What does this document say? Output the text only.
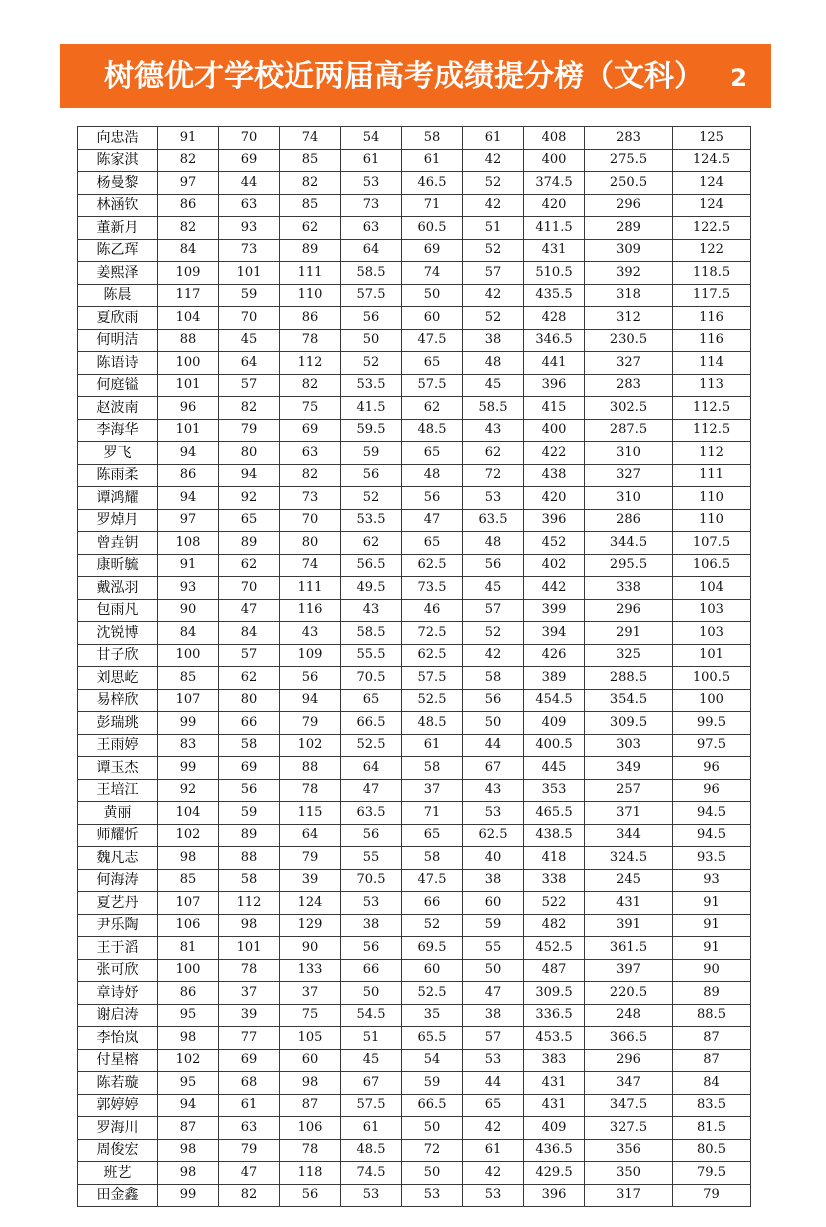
树德优才学校近两届高考成绩提分榜（文科） 2
向忠浩	91	70	74	54	58	61	408	283	125
陈家淇	82	69	85	61	61	42	400	275.5	124.5
杨曼黎	97	44	82	53	46.5	52	374.5	250.5	124
林涵钦	86	63	85	73	71	42	420	296	124
董新月	82	93	62	63	60.5	51	411.5	289	122.5
陈乙珲	84	73	89	64	69	52	431	309	122
姜熙泽	109	101	111	58.5	74	57	510.5	392	118.5
陈晨	117	59	110	57.5	50	42	435.5	318	117.5
夏欣雨	104	70	86	56	60	52	428	312	116
何明洁	88	45	78	50	47.5	38	346.5	230.5	116
陈语诗	100	64	112	52	65	48	441	327	114
何庭镒	101	57	82	53.5	57.5	45	396	283	113
赵波南	96	82	75	41.5	62	58.5	415	302.5	112.5
李海华	101	79	69	59.5	48.5	43	400	287.5	112.5
罗飞	94	80	63	59	65	62	422	310	112
陈雨柔	86	94	82	56	48	72	438	327	111
谭鸿耀	94	92	73	52	56	53	420	310	110
罗焯月	97	65	70	53.5	47	63.5	396	286	110
曾垚钥	108	89	80	62	65	48	452	344.5	107.5
康昕毓	91	62	74	56.5	62.5	56	402	295.5	106.5
戴泓羽	93	70	111	49.5	73.5	45	442	338	104
包雨凡	90	47	116	43	46	57	399	296	103
沈锐博	84	84	43	58.5	72.5	52	394	291	103
甘子欣	100	57	109	55.5	62.5	42	426	325	101
刘思屹	85	62	56	70.5	57.5	58	389	288.5	100.5
易梓欣	107	80	94	65	52.5	56	454.5	354.5	100
彭瑞珧	99	66	79	66.5	48.5	50	409	309.5	99.5
王雨婷	83	58	102	52.5	61	44	400.5	303	97.5
谭玉杰	99	69	88	64	58	67	445	349	96
王培江	92	56	78	47	37	43	353	257	96
黄丽	104	59	115	63.5	71	53	465.5	371	94.5
师耀忻	102	89	64	56	65	62.5	438.5	344	94.5
魏凡志	98	88	79	55	58	40	418	324.5	93.5
何海涛	85	58	39	70.5	47.5	38	338	245	93
夏艺丹	107	112	124	53	66	60	522	431	91
尹乐陶	106	98	129	38	52	59	482	391	91
王于滔	81	101	90	56	69.5	55	452.5	361.5	91
张可欣	100	78	133	66	60	50	487	397	90
章诗妤	86	37	37	50	52.5	47	309.5	220.5	89
谢启涛	95	39	75	54.5	35	38	336.5	248	88.5
李怡岚	98	77	105	51	65.5	57	453.5	366.5	87
付星榕	102	69	60	45	54	53	383	296	87
陈若璇	95	68	98	67	59	44	431	347	84
郭婷婷	94	61	87	57.5	66.5	65	431	347.5	83.5
罗海川	87	63	106	61	50	42	409	327.5	81.5
周俊宏	98	79	78	48.5	72	61	436.5	356	80.5
班艺	98	47	118	74.5	50	42	429.5	350	79.5
田金鑫	99	82	56	53	53	53	396	317	79
